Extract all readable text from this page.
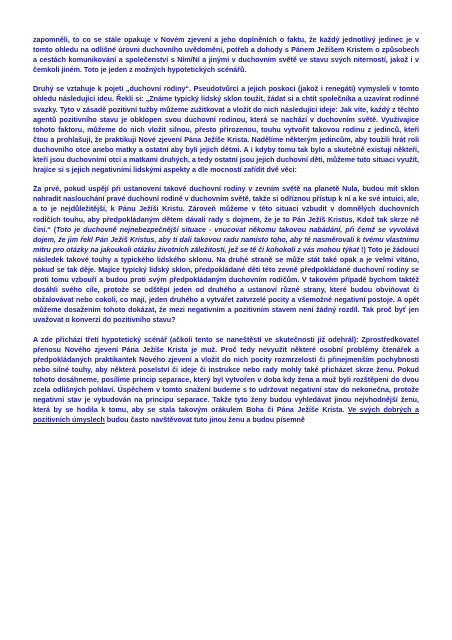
zapomněli, to co se stále opakuje v Novém zjevení a jeho doplněních o faktu, že každý jednotlivý jedinec je v tomto ohledu na odlišné úrovni duchovního uvědomění, potřeb a dohody s Pánem Ježíšem Kristem o způsobech a cestách komunikování a společenství s Ním/Ní a jinými v duchovním světě ve stavu svých niterností, jakož i v čemkoli jiném. Toto je jeden z možných hypotetických scénářů.

Druhý se vztahuje k pojetí „duchovní rodiny“. Pseudotvůrci a jejich poskoci (jakož i renegáti) vymysleli v tomto ohledu následující ideu. Řekli si: „Známe typický lidský sklon toužit, žádat si a chtít společníka a uzavírat rodinné svazky. Tyto v zásadě pozitivní tužby můžeme zužitkovat a vložit do nich následující ideje: Jak víte, každý z těchto agentů pozitivního stavu je obklopen svou duchovní rodinou, která se nachází v duchovním světě. Využívajíce tohoto faktoru, můžeme do nich vložit silnou, přesto přirozenou, touhu vytvořit takovou rodinu z jedinců, kteří čtou a prohlašují, že praktikují Nové zjevení Pána Ježíše Krista. Nadělíme některým jedincům, aby toužili hrát roli duchovního otce anebo matky a ostatní aby byli jejich dětmi. A i kdyby tomu tak bylo a skutečně existují někteří, kteří jsou duchovními otci a matkami druhých, a tedy ostatní jsou jejich duchovní děti, můžeme tuto situaci využít, hrajíce si s jejich negativními lidskými aspekty a dle mocností zařídit dvě věci:

Za prvé, pokud uspějí při ustanovení takové duchovní rodiny v zevním světě na planetě Nula, budou mít sklon nahradit naslouchání pravé duchovní rodině v duchovním světě, takže si odříznou přístup k ní a ke své intuici, ale, a to je nejdůležitější, k Pánu Ježíši Kristu. Zároveň můžeme v této situaci vzbudit v domnělých duchovních rodičích touhu, aby předpokládaným dětem dávali rady s dojmem, že je to Pán Ježíš Kristus, Kdož tak skrze ně činí.“ (Toto je duchovně nejnebezpečnější situace - vnucovat někomu takovou nabádání, při čemž se vyvolává dojem, že jim řekl Pán Ježíš Kristus, aby ti dali takovou radu namísto toho, aby té nasměrovali k tvému vlastnímu mitru pro otázky na jakoukoli otázku životních záležitostí, jež se tě či kohokoli z vás mohou týkat !) Toto je žádoucí následek takové touhy a typického lidského sklonu. Na druhé straně se může stát také opak a je velmi vítáno, pokud se tak děje. Majíce typický lidský sklon, předpokládané děti této zevně předpokládané duchovní rodiny se proti tomu vzbouří a budou proti svým předpokládaným duchovním rodičům. V takovém případě bychom taktéž dosáhli svého cíle, protože se odštěpí jeden od druhého a ustanoví různé strany, které budou obviňovat či obžalovávat nebo cokoli, co mají, jeden druhého a vytvářet zatvrzelé pocity a všemožné negativní postoje. A opět můžeme dosažením tohoto dokázat, že mezi negativním a pozitivním stavem není žádný rozdíl. Tak proč byť jen uvažovat o konverzi do pozitivního stavu?

A zde přichází třetí hypotetický scénář (ačkoli tento se naneštěstí ve skutečnosti již odehrál): Zprostředkovatel přenosu Nového zjevení Pána Ježíše Krista je muž. Proč tedy nevyužít některé osobní problémy čtenářek a předpokládaných praktikantek Nového zjevení a vložit do nich pocity rozmrzelosti či přinejmenším pochybnosti nebo silné touhy, aby některá poselství či ideje či instrukce nebo rady mohly také přicházet skrze ženu. Pokud tohoto dosáhneme, posílíme princip separace, který byl vytvořen v doba kdy žena a muž byli rozštěpeni do dvou zcela odlišných pohlaví. Úspěchem v tomto snažení budeme s to udržovat negativní stav do nekonečna, protože negativní stav je vybudován na principu separace. Takže tyto ženy budou vyhledávat jinou nejvhodnější ženu, která by se hodila k tomu, aby se stala takovým orákulem Boha či Pána Ježíše Krista. Ve svých dobrých a pozitivních úmyslech budou často navštěvovat tuto jinou ženu a budou písemně
